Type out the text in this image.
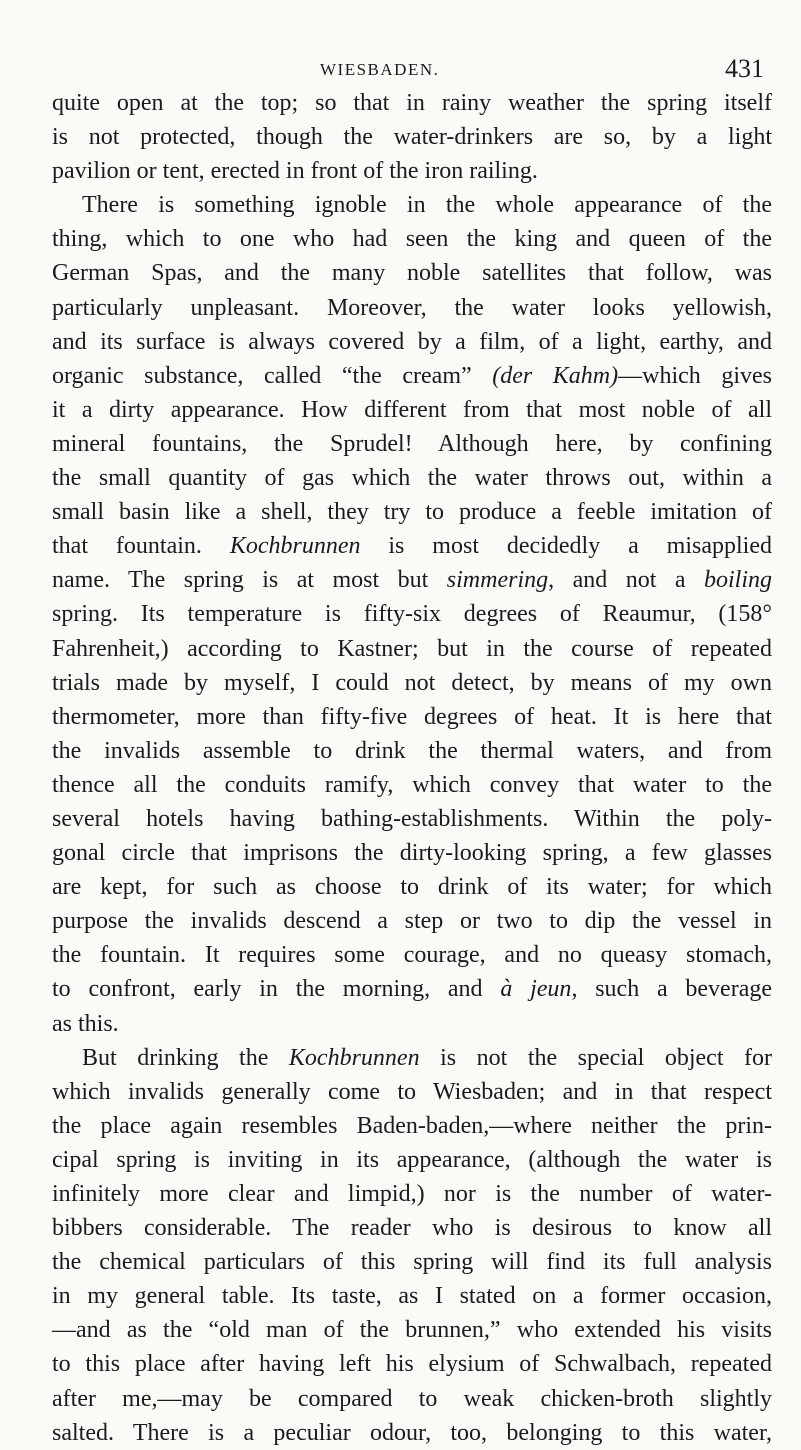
WIESBADEN.	431
quite open at the top; so that in rainy weather the spring itself
is not protected, though the water-drinkers are so, by a light
pavilion or tent, erected in front of the iron railing.
There is something ignoble in the whole appearance of the
thing, which to one who had seen the king and queen of the
German Spas, and the many noble satellites that follow, was
particularly unpleasant. Moreover, the water looks yellowish,
and its surface is always covered by a film, of a light, earthy, and
organic substance, called “the cream” (der Kahm)—which gives
it a dirty appearance. How different from that most noble of all
mineral fountains, the Sprudel! Although here, by confining
the small quantity of gas which the water throws out, within a
small basin like a shell, they try to produce a feeble imitation of
that fountain. Kochbrunnen is most decidedly a misapplied
name. The spring is at most but simmering, and not a boiling
spring. Its temperature is fifty-six degrees of Reaumur, (158°
Fahrenheit,) according to Kastner; but in the course of repeated
trials made by myself, I could not detect, by means of my own
thermometer, more than fifty-five degrees of heat. It is here that
the invalids assemble to drink the thermal waters, and from
thence all the conduits ramify, which convey that water to the
several hotels having bathing-establishments. Within the poly-
gonal circle that imprisons the dirty-looking spring, a few glasses
are kept, for such as choose to drink of its water; for which
purpose the invalids descend a step or two to dip the vessel in
the fountain. It requires some courage, and no queasy stomach,
to confront, early in the morning, and à jeun, such a beverage
as this.
But drinking the Kochbrunnen is not the special object for
which invalids generally come to Wiesbaden; and in that respect
the place again resembles Baden-baden,—where neither the prin-
cipal spring is inviting in its appearance, (although the water is
infinitely more clear and limpid,) nor is the number of water-
bibbers considerable. The reader who is desirous to know all
the chemical particulars of this spring will find its full analysis
in my general table. Its taste, as I stated on a former occasion,
—and as the “old man of the brunnen,” who extended his visits
to this place after having left his elysium of Schwalbach, repeated
after me,—may be compared to weak chicken-broth slightly
salted. There is a peculiar odour, too, belonging to this water,
